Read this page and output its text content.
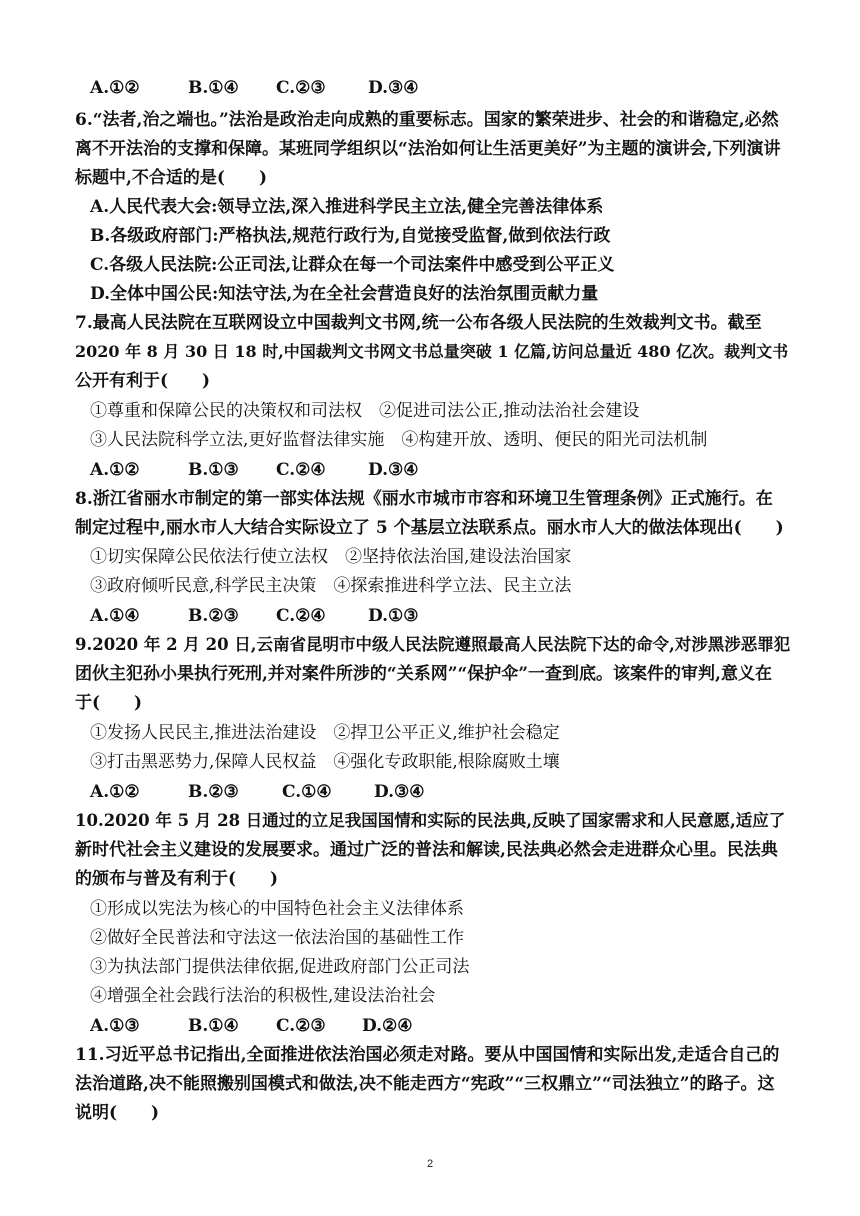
A.①②	B.①④ C.②③ D.③④
6.“法者,治之端也。”法治是政治走向成熟的重要标志。国家的繁荣进步、社会的和谐稳定,必然
离不开法治的支撑和保障。某班同学组织以“法治如何让生活更美好”为主题的演讲会,下列演讲
标题中,不合适的是(　　)
A.人民代表大会:领导立法,深入推进科学民主立法,健全完善法律体系
B.各级政府部门:严格执法,规范行政行为,自觉接受监督,做到依法行政
C.各级人民法院:公正司法,让群众在每一个司法案件中感受到公平正义
D.全体中国公民:知法守法,为在全社会营造良好的法治氛围贡献力量
7.最高人民法院在互联网设立中国裁判文书网,统一公布各级人民法院的生效裁判文书。截至
2020 年 8 月 30 日 18 时,中国裁判文书网文书总量突破 1 亿篇,访问总量近 480 亿次。裁判文书
公开有利于(　　)
①尊重和保障公民的决策权和司法权　②促进司法公正,推动法治社会建设
③人民法院科学立法,更好监督法律实施　④构建开放、透明、便民的阳光司法机制
A.①②	B.①③ C.②④ D.③④
8.浙江省丽水市制定的第一部实体法规《丽水市城市市容和环境卫生管理条例》正式施行。在
制定过程中,丽水市人大结合实际设立了 5 个基层立法联系点。丽水市人大的做法体现出(　　)
①切实保障公民依法行使立法权　②坚持依法治国,建设法治国家
③政府倾听民意,科学民主决策　④探索推进科学立法、民主立法
A.①④	B.②③ C.②④ D.①③
9.2020 年 2 月 20 日,云南省昆明市中级人民法院遵照最高人民法院下达的命令,对涉黑涉恶罪犯
团伙主犯孙小果执行死刑,并对案件所涉的“关系网”“保护伞”一查到底。该案件的审判,意义在
于(　　)
①发扬人民民主,推进法治建设　②捍卫公平正义,维护社会稳定
③打击黑恶势力,保障人民权益　④强化专政职能,根除腐败土壤
A.①②	B.②③	C.①④ D.③④
10.2020 年 5 月 28 日通过的立足我国国情和实际的民法典,反映了国家需求和人民意愿,适应了
新时代社会主义建设的发展要求。通过广泛的普法和解读,民法典必然会走进群众心里。民法典
的颁布与普及有利于(　　)
①形成以宪法为核心的中国特色社会主义法律体系
②做好全民普法和守法这一依法治国的基础性工作
③为执法部门提供法律依据,促进政府部门公正司法
④增强全社会践行法治的积极性,建设法治社会
A.①③	B.①④ C.②③ D.②④
11.习近平总书记指出,全面推进依法治国必须走对路。要从中国国情和实际出发,走适合自己的
法治道路,决不能照搬别国模式和做法,决不能走西方“宪政”“三权鼎立”“司法独立”的路子。这
说明(　　)
2
